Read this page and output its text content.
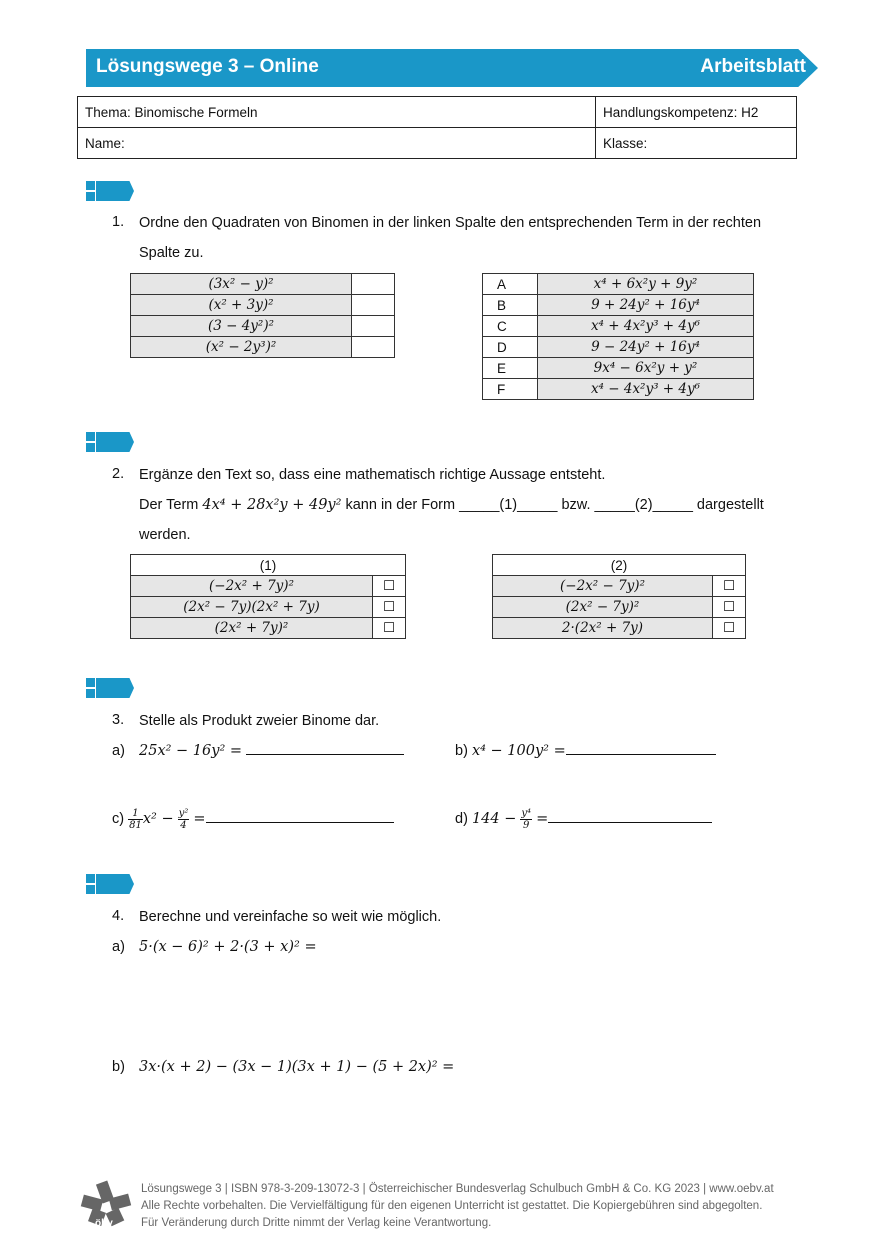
Lösungswege 3 – Online	Arbeitsblatt
Thema: Binomische Formeln	Handlungskompetenz: H2
Name:	Klasse:
1. Ordne den Quadraten von Binomen in der linken Spalte den entsprechenden Term in der rechten
Spalte zu.
(3x² − y)²	
(x² + 3y)²	
(3 − 4y²)²	
(x² − 2y³)²	
A	x⁴ + 6x²y + 9y²
B	9 + 24y² + 16y⁴
C	x⁴ + 4x²y³ + 4y⁶
D	9 − 24y² + 16y⁴
E	9x⁴ − 6x²y + y²
F	x⁴ − 4x²y³ + 4y⁶
2. Ergänze den Text so, dass eine mathematisch richtige Aussage entsteht.
Der Term 4x⁴ + 28x²y + 49y² kann in der Form _____(1)_____ bzw. _____(2)_____ dargestellt
werden.
(1)	
(−2x² + 7y)²	☐
(2x² − 7y)(2x² + 7y)	☐
(2x² + 7y)²	☐
(2)	
(−2x² − 7y)²	☐
(2x² − 7y)²	☐
2·(2x² + 7y)	☐
3. Stelle als Produkt zweier Binome dar.
a) 25x² − 16y² =	b) x⁴ − 100y² =
$c) \frac{1}{81} x^2 - \frac{\text{y²}}{4}$ =	d) $144 - \frac{\text{y⁴}}{9}$ =
4. Berechne und vereinfache so weit wie möglich.
a) 5·(x − 6)² + 2·(3 + x)² =
b) 3x·(x + 2) − (3x − 1)(3x + 1) − (5 + 2x)² =
öbv
Lösungswege 3 | ISBN 978-3-209-13072-3 | Österreichischer Bundesverlag Schulbuch GmbH & Co. KG 2023 | www.oebv.at
Alle Rechte vorbehalten. Die Vervielfältigung für den eigenen Unterricht ist gestattet. Die Kopiergebühren sind abgegolten.
Für Veränderung durch Dritte nimmt der Verlag keine Verantwortung.
